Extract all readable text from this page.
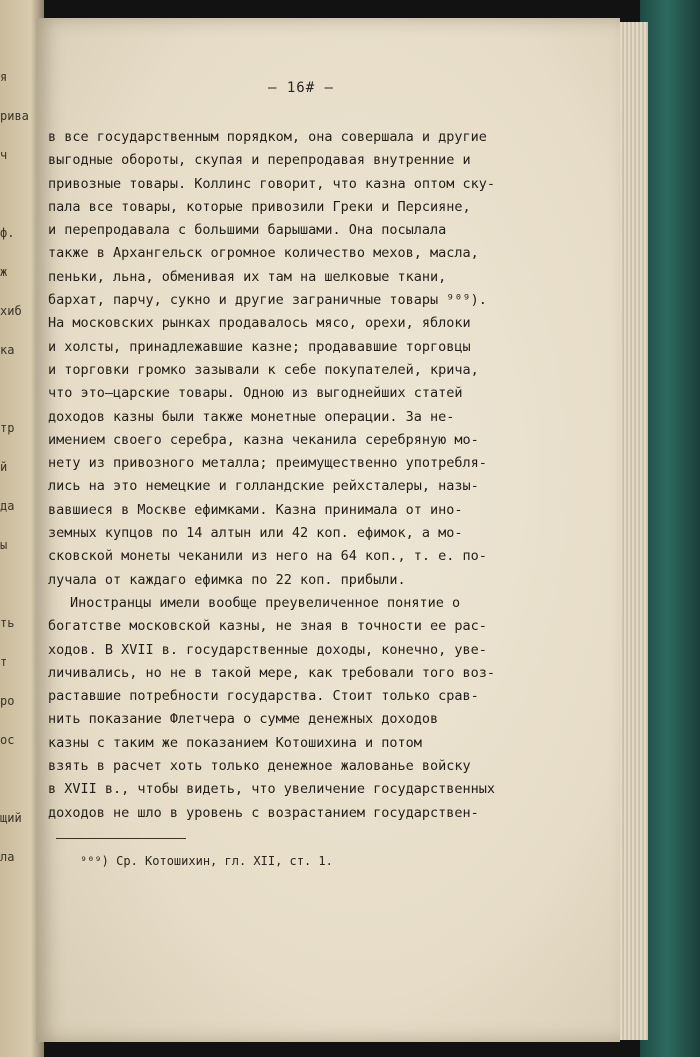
я
рива
ч
ф.
ж
хиб
ка
тр
й
да
ы
ть
т
ро
ос
щий
ла
— 16# —
в все государственным порядком, она совершала и другие
выгодные обороты, скупая и перепродавая внутренние и
привозные товары. Коллинс говорит, что казна оптом ску-
пала все товары, которые привозили Греки и Персияне,
и перепродавала с большими барышами. Она посылала
также в Архангельск огромное количество мехов, масла,
пеньки, льна, обменивая их там на шелковые ткани,
бархат, парчу, сукно и другие заграничные товары ⁹⁰⁹).
На московских рынках продавалось мясо, орехи, яблоки
и холсты, принадлежавшие казне; продававшие торговцы
и торговки громко зазывали к себе покупателей, крича,
что это—царские товары. Одною из выгоднейших статей
доходов казны были также монетные операции. За не-
имением своего серебра, казна чеканила серебряную мо-
нету из привозного металла; преимущественно употребля-
лись на это немецкие и голландские рейхсталеры, назы-
вавшиеся в Москве ефимками. Казна принимала от ино-
земных купцов по 14 алтын или 42 коп. ефимок, а мо-
сковской монеты чеканили из него на 64 коп., т. е. по-
лучала от каждаго ефимка по 22 коп. прибыли.
Иностранцы имели вообще преувеличенное понятие о
богатстве московской казны, не зная в точности ее рас-
ходов. В XVII в. государственные доходы, конечно, уве-
личивались, но не в такой мере, как требовали того воз-
раставшие потребности государства. Стоит только срав-
нить показание Флетчера о сумме денежных доходов
казны с таким же показанием Котошихина и потом
взять в расчет хоть только денежное жалованье войску
в XVII в., чтобы видеть, что увеличение государственных
доходов не шло в уровень с возрастанием государствен-
⁹⁰⁹) Ср. Котошихин, гл. XII, ст. 1.
